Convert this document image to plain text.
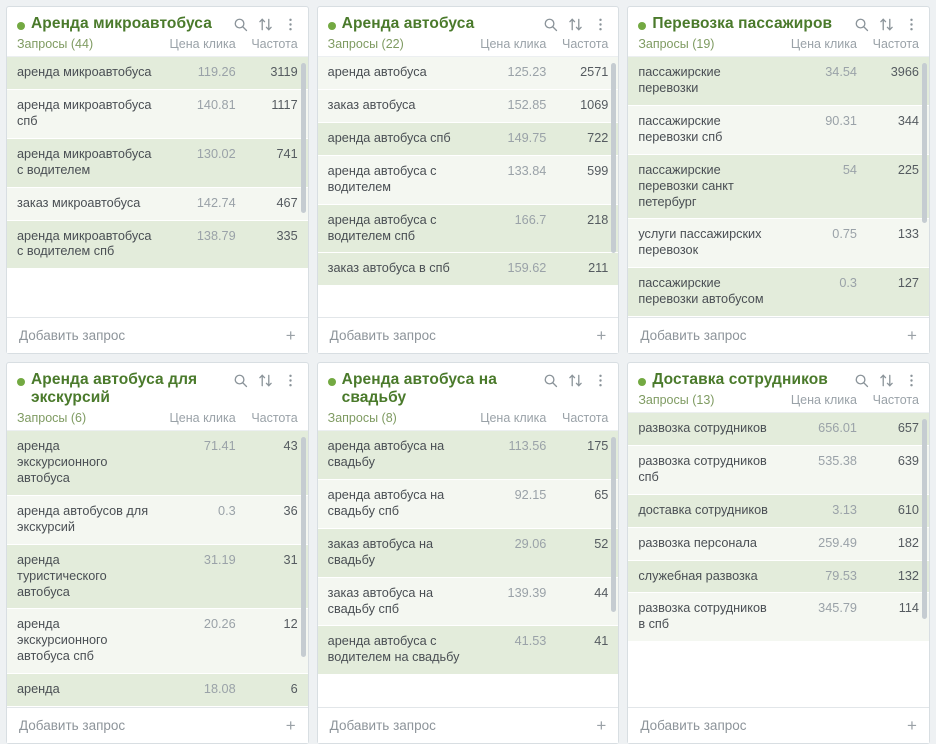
Аренда микроавтобуса
Запросы (44)	Цена клика	Частота
аренда микроавтобуса	119.26	3119
аренда микроавтобуса спб
140.81	1117
аренда микроавтобуса с водителем
130.02	741
заказ микроавтобуса	142.74	467
аренда микроавтобуса с водителем спб
138.79	335
Добавить запрос	+
Аренда автобуса
Запросы (22)	Цена клика	Частота
аренда автобуса	125.23	2571
заказ автобуса	152.85	1069
аренда автобуса спб	149.75	722
аренда автобуса с водителем
133.84	599
аренда автобуса с водителем спб
166.7	218
заказ автобуса в спб	159.62	211
Добавить запрос	+
Перевозка пассажиров
Запросы (19)	Цена клика	Частота
пассажирские перевозки
34.54	3966
пассажирские перевозки спб
90.31	344
пассажирские перевозки санкт петербург
54	225
услуги пассажирских перевозок
0.75	133
пассажирские перевозки автобусом
0.3	127
Добавить запрос	+
Аренда автобуса для экскурсий
Запросы (6)	Цена клика	Частота
аренда экскурсионного автобуса
71.41	43
аренда автобусов для экскурсий
0.3	36
аренда туристического автобуса
31.19	31
аренда экскурсионного автобуса спб
20.26	12
аренда	18.08	6
Добавить запрос	+
Аренда автобуса на свадьбу
Запросы (8)	Цена клика	Частота
аренда автобуса на свадьбу
113.56	175
аренда автобуса на свадьбу спб
92.15	65
заказ автобуса на свадьбу
29.06	52
заказ автобуса на свадьбу спб
139.39	44
аренда автобуса с водителем на свадьбу
41.53	41
Добавить запрос	+
Доставка сотрудников
Запросы (13)	Цена клика	Частота
развозка сотрудников	656.01	657
развозка сотрудников спб
535.38	639
доставка сотрудников	3.13	610
развозка персонала	259.49	182
служебная развозка	79.53	132
развозка сотрудников в спб
345.79	114
Добавить запрос	+
